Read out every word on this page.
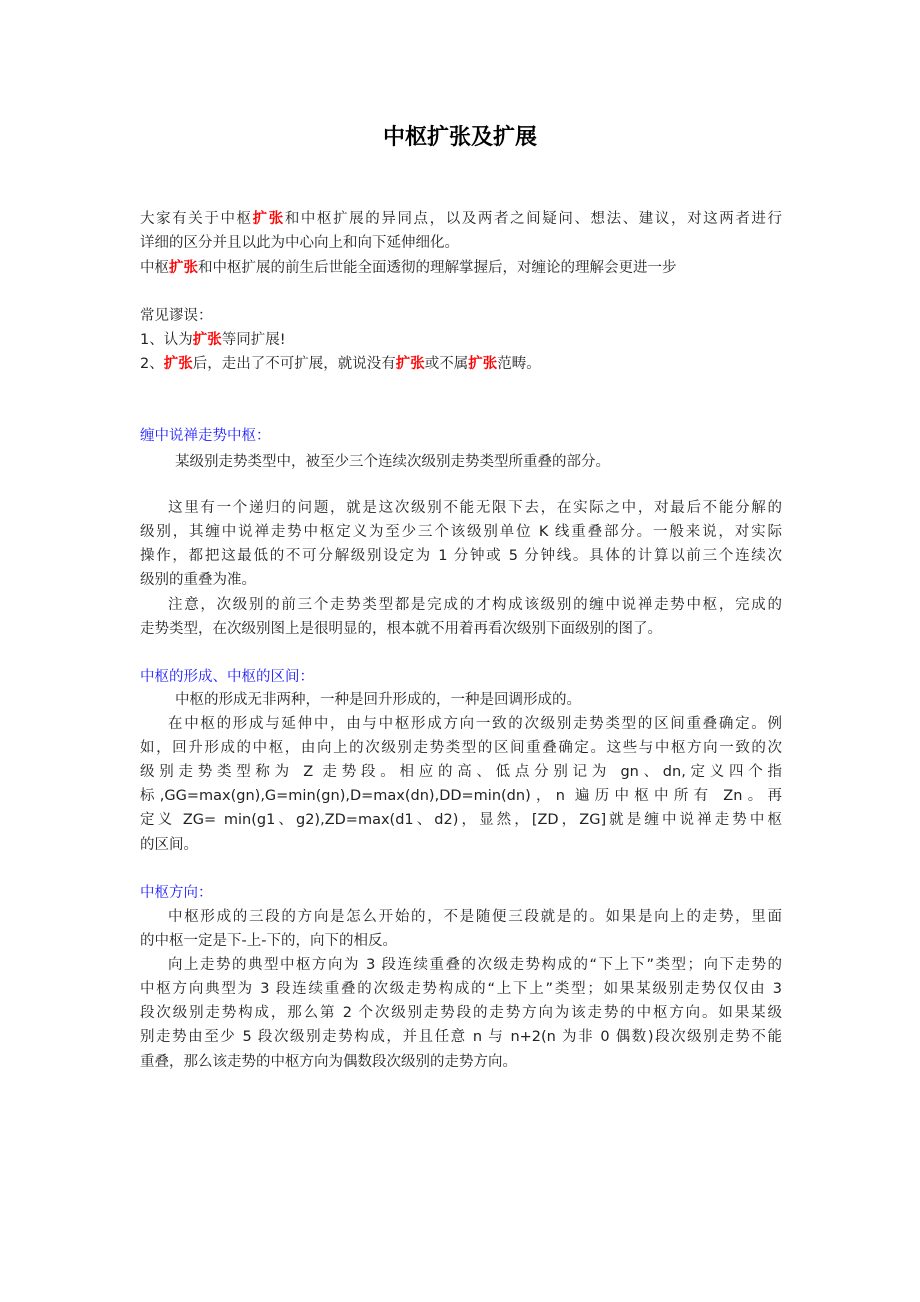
中枢扩张及扩展
大家有关于中枢扩张和中枢扩展的异同点，以及两者之间疑问、想法、建议，对这两者进行
详细的区分并且以此为中心向上和向下延伸细化。
中枢扩张和中枢扩展的前生后世能全面透彻的理解掌握后，对缠论的理解会更进一步
常见谬误：
1、认为扩张等同扩展!
2、扩张后，走出了不可扩展，就说没有扩张或不属扩张范畴。
缠中说禅走势中枢：
某级别走势类型中，被至少三个连续次级别走势类型所重叠的部分。
这里有一个递归的问题，就是这次级别不能无限下去，在实际之中，对最后不能分解的
级别，其缠中说禅走势中枢定义为至少三个该级别单位 K 线重叠部分。一般来说，对实际
操作，都把这最低的不可分解级别设定为 1 分钟或 5 分钟线。具体的计算以前三个连续次
级别的重叠为准。
注意，次级别的前三个走势类型都是完成的才构成该级别的缠中说禅走势中枢，完成的
走势类型，在次级别图上是很明显的，根本就不用着再看次级别下面级别的图了。
中枢的形成、中枢的区间：
中枢的形成无非两种，一种是回升形成的，一种是回调形成的。
在中枢的形成与延伸中，由与中枢形成方向一致的次级别走势类型的区间重叠确定。例
如，回升形成的中枢，由向上的次级别走势类型的区间重叠确定。这些与中枢方向一致的次
级别走势类型称为 Z 走势段。相应的高、低点分别记为 gn、dn,定义四个指
标,GG=max(gn),G=min(gn),D=max(dn),DD=min(dn)，n 遍历中枢中所有 Zn。再
定义 ZG= min(g1、g2),ZD=max(d1、d2)，显然，[ZD，ZG]就是缠中说禅走势中枢
的区间。
中枢方向：
中枢形成的三段的方向是怎么开始的，不是随便三段就是的。如果是向上的走势，里面
的中枢一定是下-上-下的，向下的相反。
向上走势的典型中枢方向为 3 段连续重叠的次级走势构成的“下上下”类型；向下走势的
中枢方向典型为 3 段连续重叠的次级走势构成的“上下上”类型；如果某级别走势仅仅由 3
段次级别走势构成，那么第 2 个次级别走势段的走势方向为该走势的中枢方向。如果某级
别走势由至少 5 段次级别走势构成，并且任意 n 与 n+2(n 为非 0 偶数)段次级别走势不能
重叠，那么该走势的中枢方向为偶数段次级别的走势方向。
